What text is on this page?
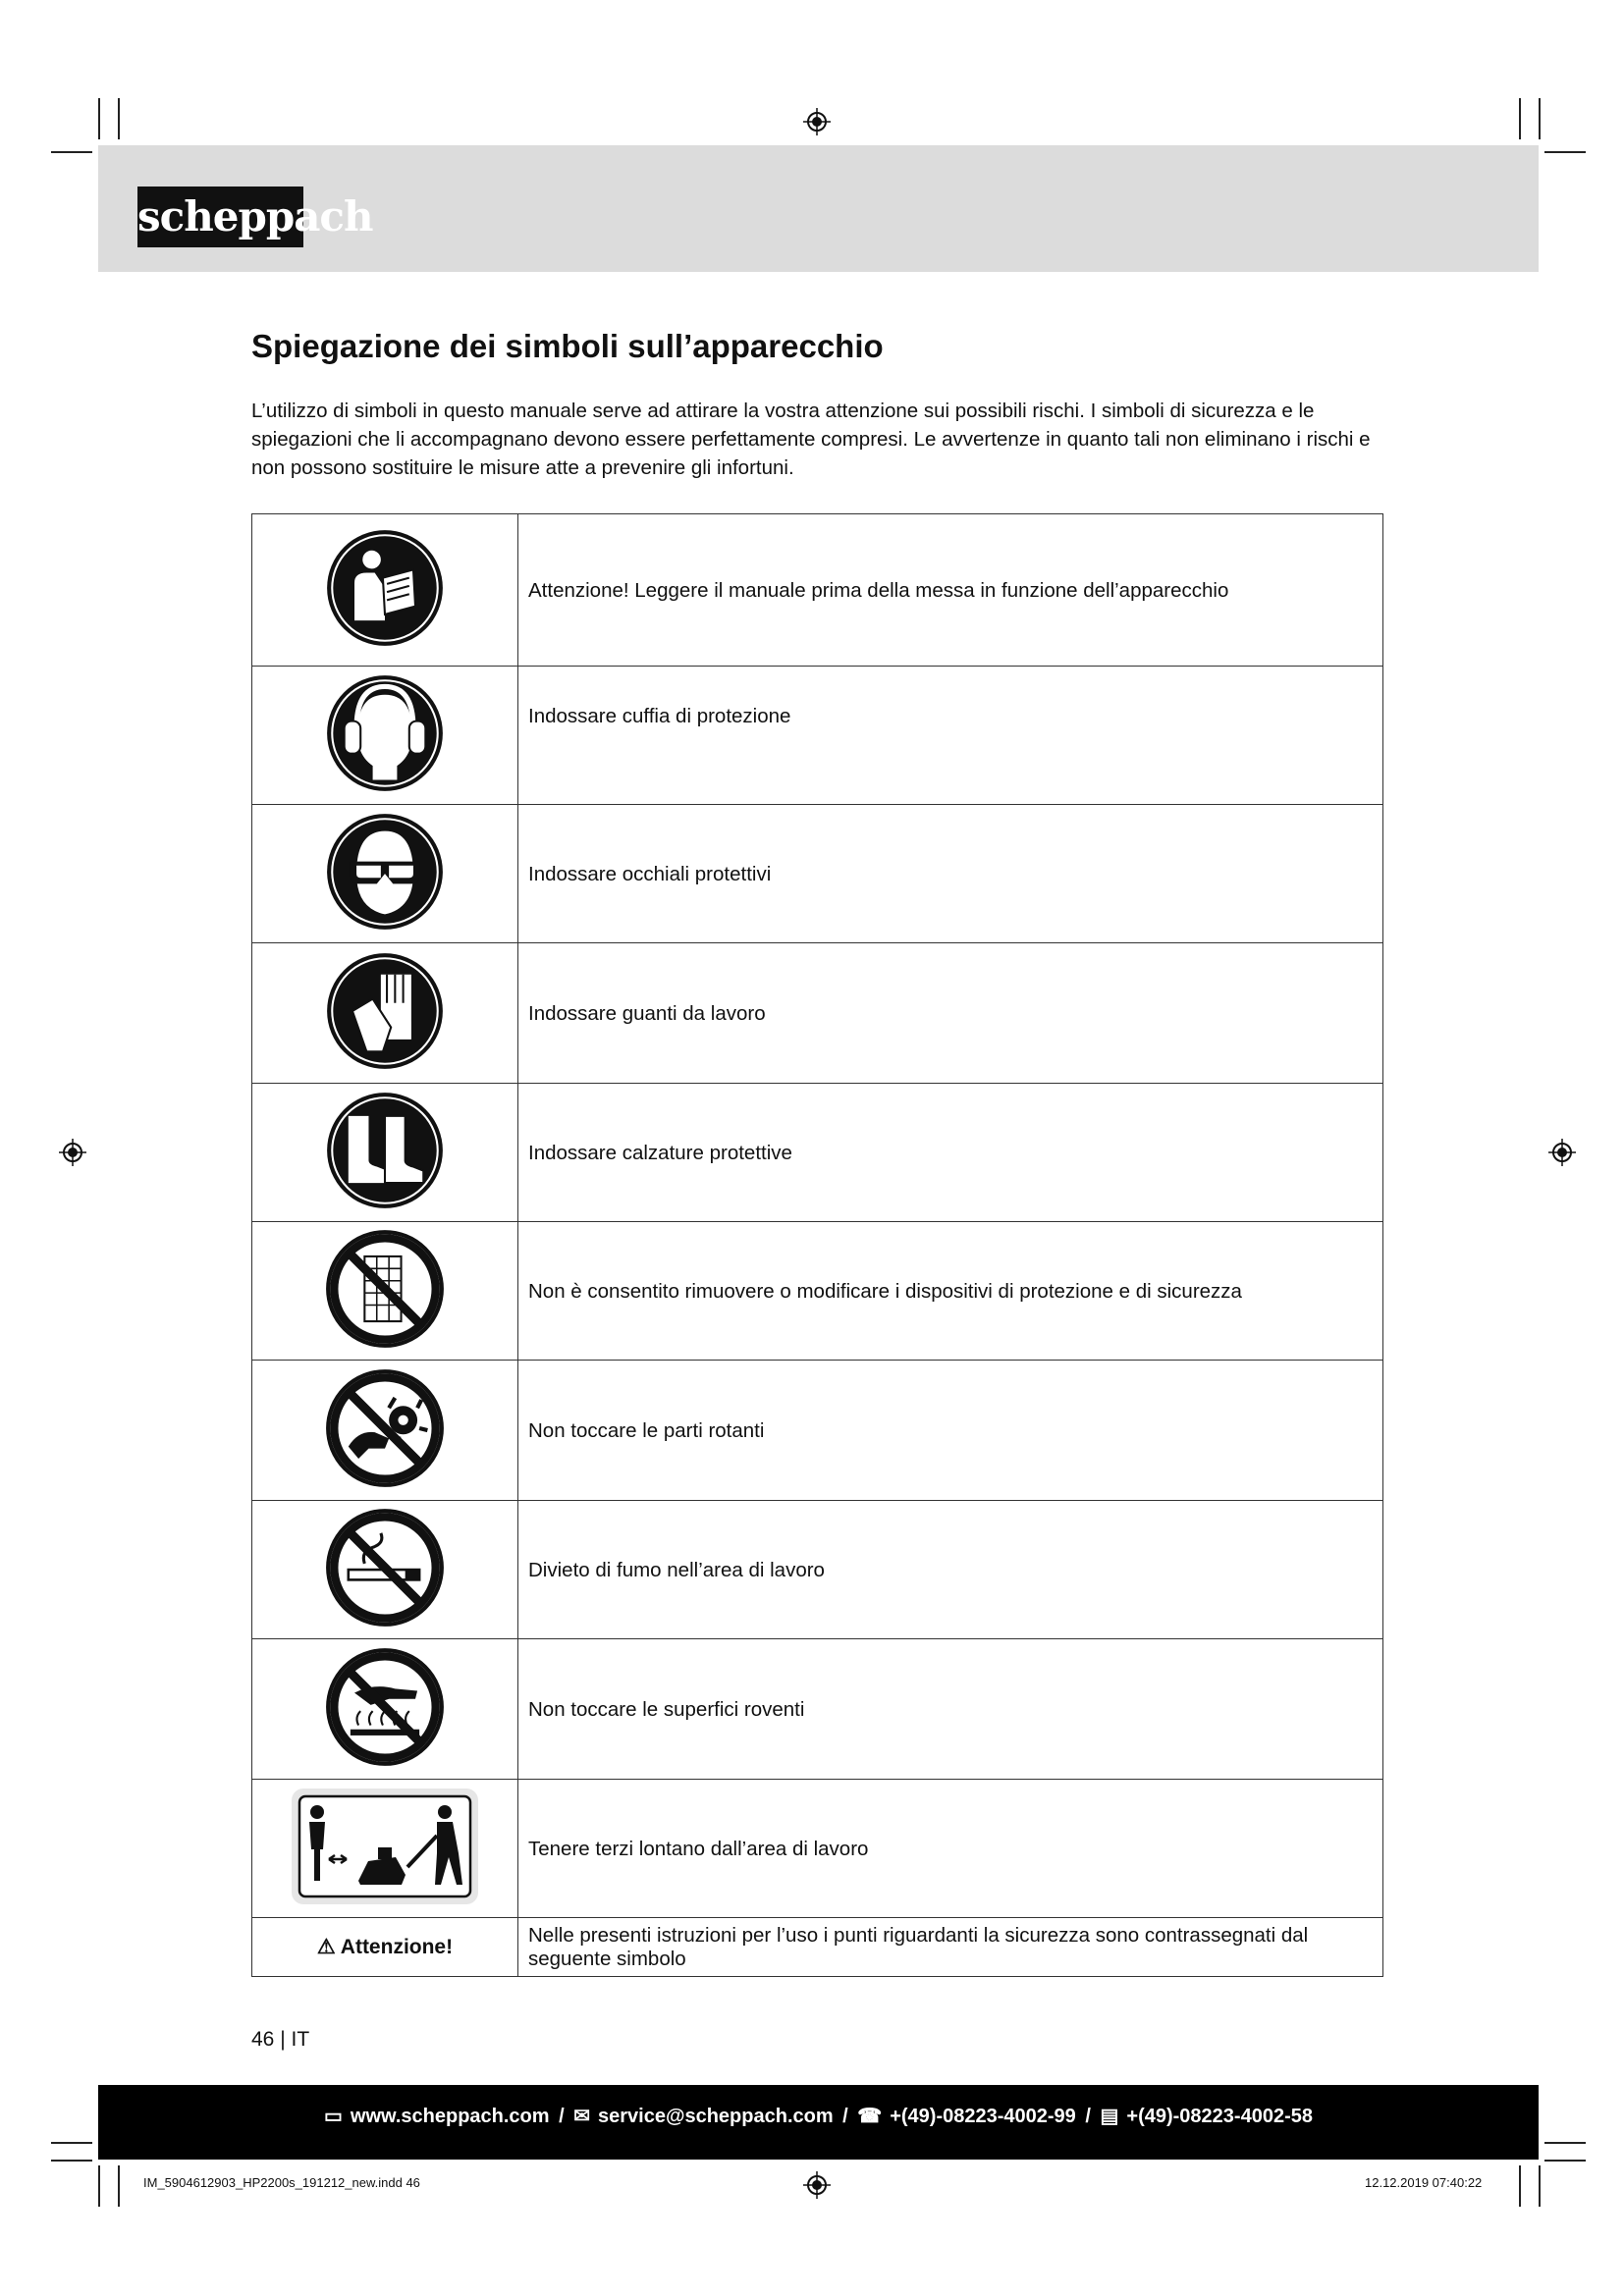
scheppach
Spiegazione dei simboli sull’apparecchio

L’utilizzo di simboli in questo manuale serve ad attirare la vostra attenzione sui possibili rischi. I simboli di sicurezza e le spiegazioni che li accompagnano devono essere perfettamente compresi. Le avvertenze in quanto tali non eliminano i rischi e non possono sostituire le misure atte a prevenire gli infortuni.

	Attenzione! Leggere il manuale prima della messa in funzione dell’apparecchio
	Indossare cuffia di protezione
	Indossare occhiali protettivi
	Indossare guanti da lavoro
	Indossare calzature protettive
	Non è consentito rimuovere o modificare i dispositivi di protezione e di sicurezza
	Non toccare le parti rotanti
	Divieto di fumo nell’area di lavoro
	Non toccare le superfici roventi
	Tenere terzi lontano dall’area di lavoro
⚠ Attenzione!	Nelle presenti istruzioni per l’uso i punti riguardanti la sicurezza sono contrassegnati dal seguente simbolo
46 | IT
▭ www.scheppach.com / ✉ service@scheppach.com / ☎ +(49)-08223-4002-99 / ▤ +(49)-08223-4002-58
IM_5904612903_HP2200s_191212_new.indd 46	12.12.2019 07:40:22
